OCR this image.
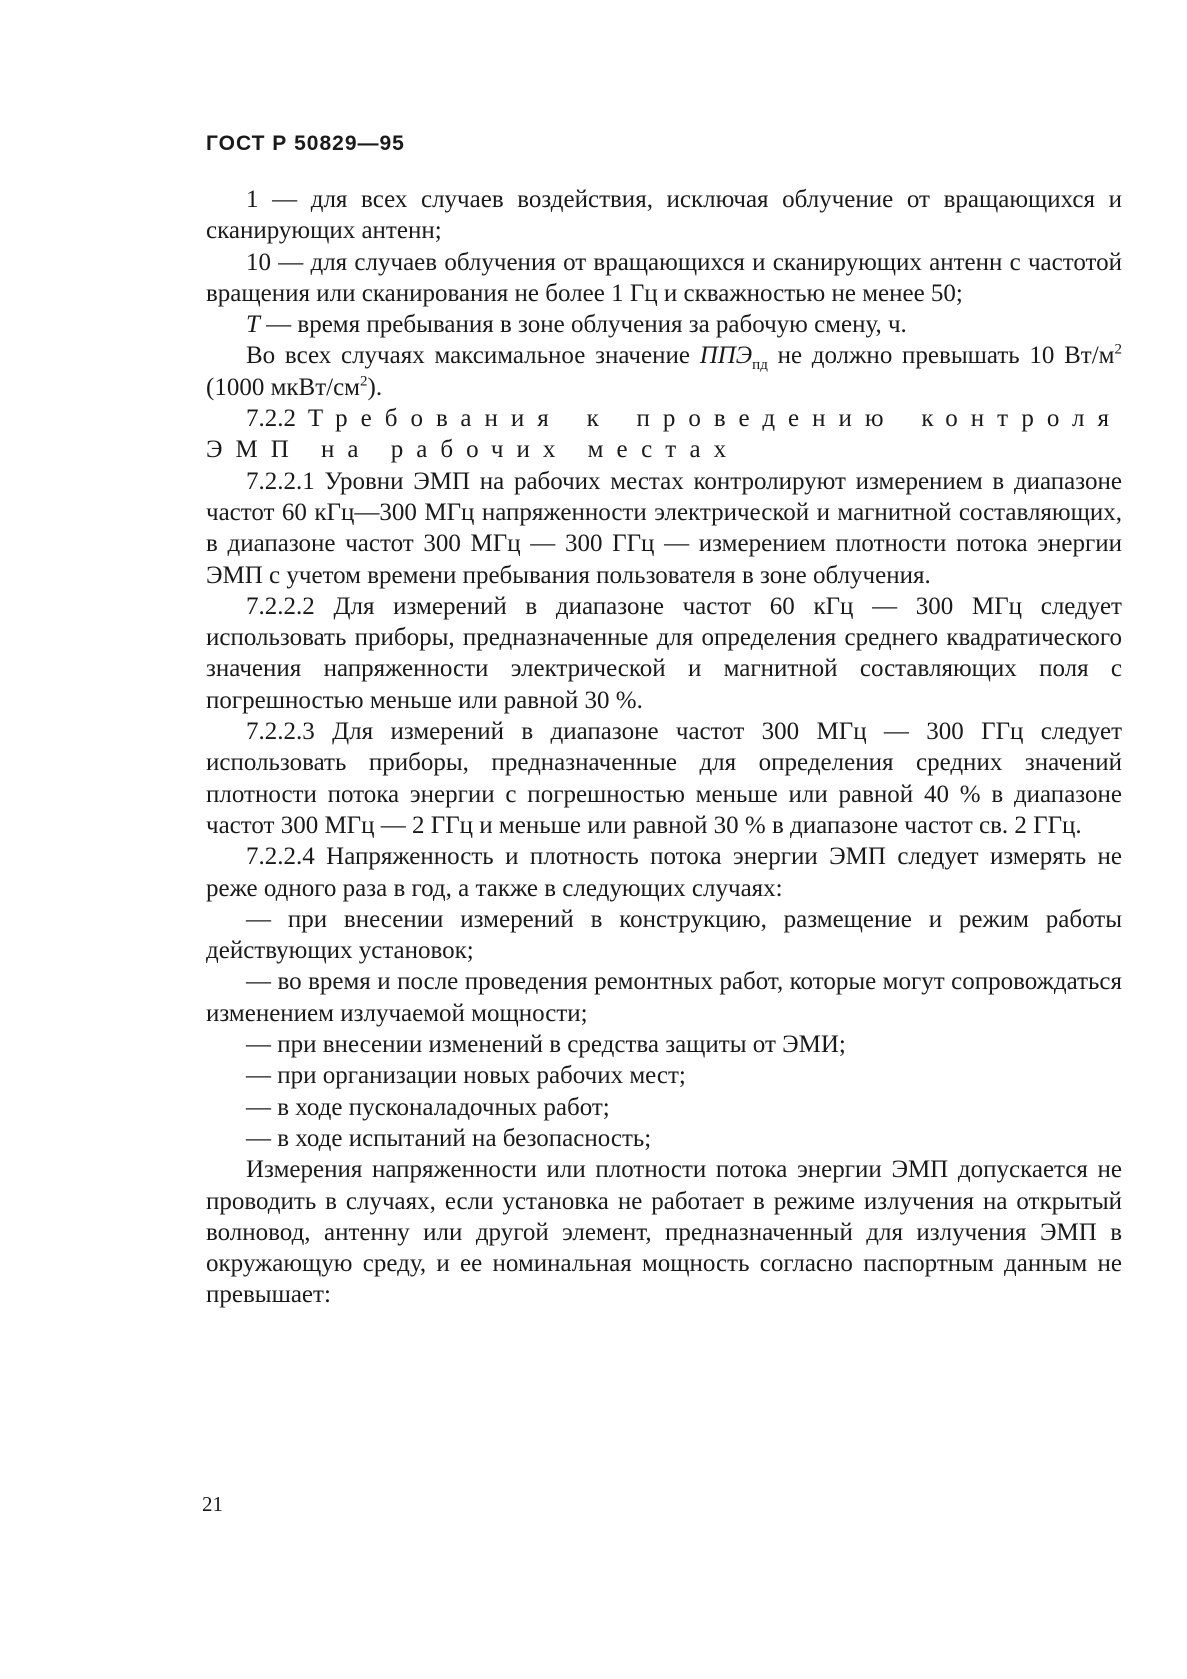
ГОСТ Р 50829—95

1 — для всех случаев воздействия, исключая облучение от вращающихся и сканирующих антенн;

10 — для случаев облучения от вращающихся и сканирующих антенн с частотой вращения или сканирования не более 1 Гц и скважностью не менее 50;

T — время пребывания в зоне облучения за рабочую смену, ч.

Во всех случаях максимальное значение $ППЭ_{пд}$ не должно превышать 10 $Вт/м^2$ (1000 мкВт/$см^2$).

7.2.2 Требования к проведению контроля ЭМП на рабочих местах

7.2.2.1 Уровни ЭМП на рабочих местах контролируют измерением в диапазоне частот 60 кГц—300 МГц напряженности электрической и магнитной составляющих, в диапазоне частот 300 МГц — 300 ГГц — измерением плотности потока энергии ЭМП с учетом времени пребывания пользователя в зоне облучения.

7.2.2.2 Для измерений в диапазоне частот 60 кГц — 300 МГц следует использовать приборы, предназначенные для определения среднего квадратического значения напряженности электрической и магнитной составляющих поля с погрешностью меньше или равной 30 %.

7.2.2.3 Для измерений в диапазоне частот 300 МГц — 300 ГГц следует использовать приборы, предназначенные для определения средних значений плотности потока энергии с погрешностью меньше или равной 40 % в диапазоне частот 300 МГц — 2 ГГц и меньше или равной 30 % в диапазоне частот св. 2 ГГц.

7.2.2.4 Напряженность и плотность потока энергии ЭМП следует измерять не реже одного раза в год, а также в следующих случаях:

— при внесении измерений в конструкцию, размещение и режим работы действующих установок;

— во время и после проведения ремонтных работ, которые могут сопровождаться изменением излучаемой мощности;

— при внесении изменений в средства защиты от ЭМИ;

— при организации новых рабочих мест;

— в ходе пусконаладочных работ;

— в ходе испытаний на безопасность;

Измерения напряженности или плотности потока энергии ЭМП допускается не проводить в случаях, если установка не работает в режиме излучения на открытый волновод, антенну или другой элемент, предназначенный для излучения ЭМП в окружающую среду, и ее номинальная мощность согласно паспортным данным не превышает:

21
